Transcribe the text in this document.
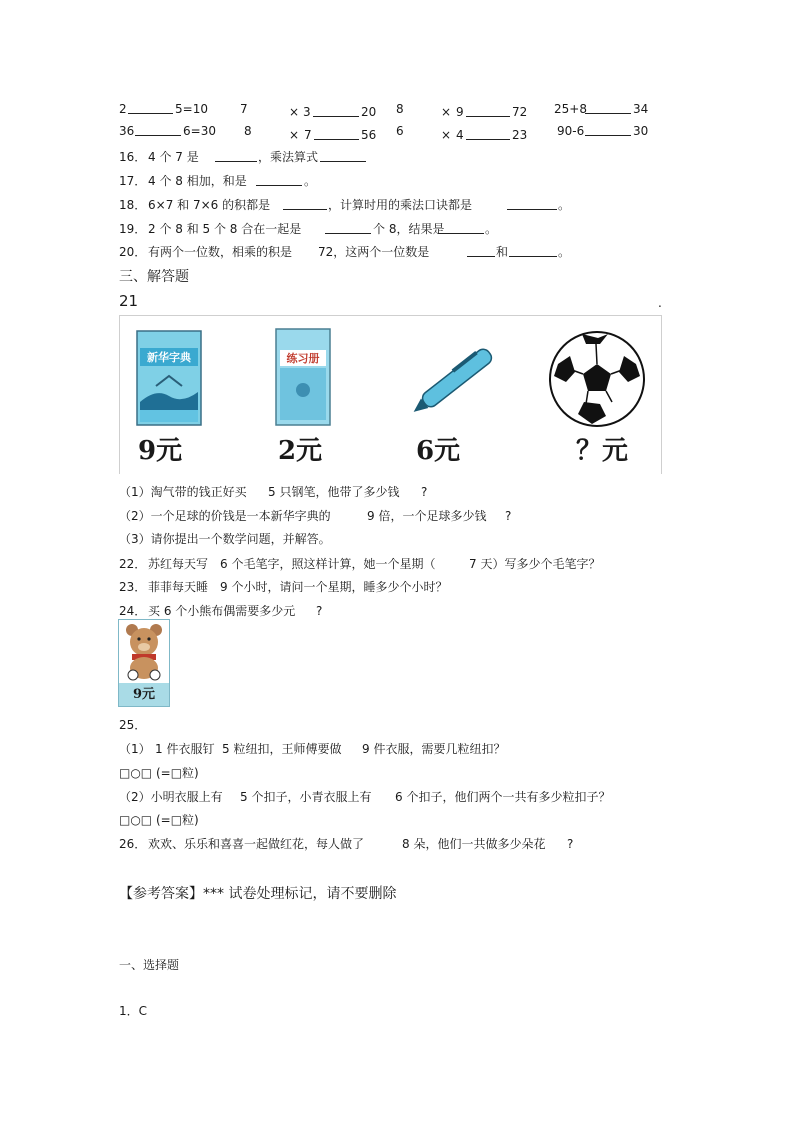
2	5=10	7	× 3	20 8	× 9	72 25+8	34
36	6=30 8	× 7	56 6	× 4	23 90-6	30
16． 4 个 7 是	，乘法算式
17． 4 个 8 相加，和是	。
18． 6×7 和 7×6 的积都是	，计算时用的乘法口诀都是	。
19． 2 个 8 和 5 个 8 合在一起是	个 8，结果是	。
20． 有两个一位数，相乘的积是 72，这两个一位数是	和	。
三、解答题
21	.
新华字典
9元
练习册
2元	6元	？元
（1）淘气带的钱正好买 5 只钢笔，他带了多少钱 ?
（2）一个足球的价钱是一本新华字典的	9 倍，一个足球多少钱 ?
（3）请你提出一个数学问题，并解答。
22． 苏红每天写 6 个毛笔字，照这样计算，她一个星期（	7 天）写多少个毛笔字？
23． 菲菲每天睡 9 个小时，请问一个星期，睡多少个小时？
24． 买 6 个小熊布偶需要多少元 ?
9元
25．
（1） 1 件衣服钉 5 粒纽扣，王师傅要做 9 件衣服，需要几粒纽扣？
□○□ (=□粒)
（2）小明衣服上有 5 个扣子，小青衣服上有 6 个扣子，他们两个一共有多少粒扣子？
□○□ (=□粒)
26． 欢欢、乐乐和喜喜一起做红花，每人做了	8 朵，他们一共做多少朵花 ?
【参考答案】*** 试卷处理标记，请不要删除
一、选择题
1．C
